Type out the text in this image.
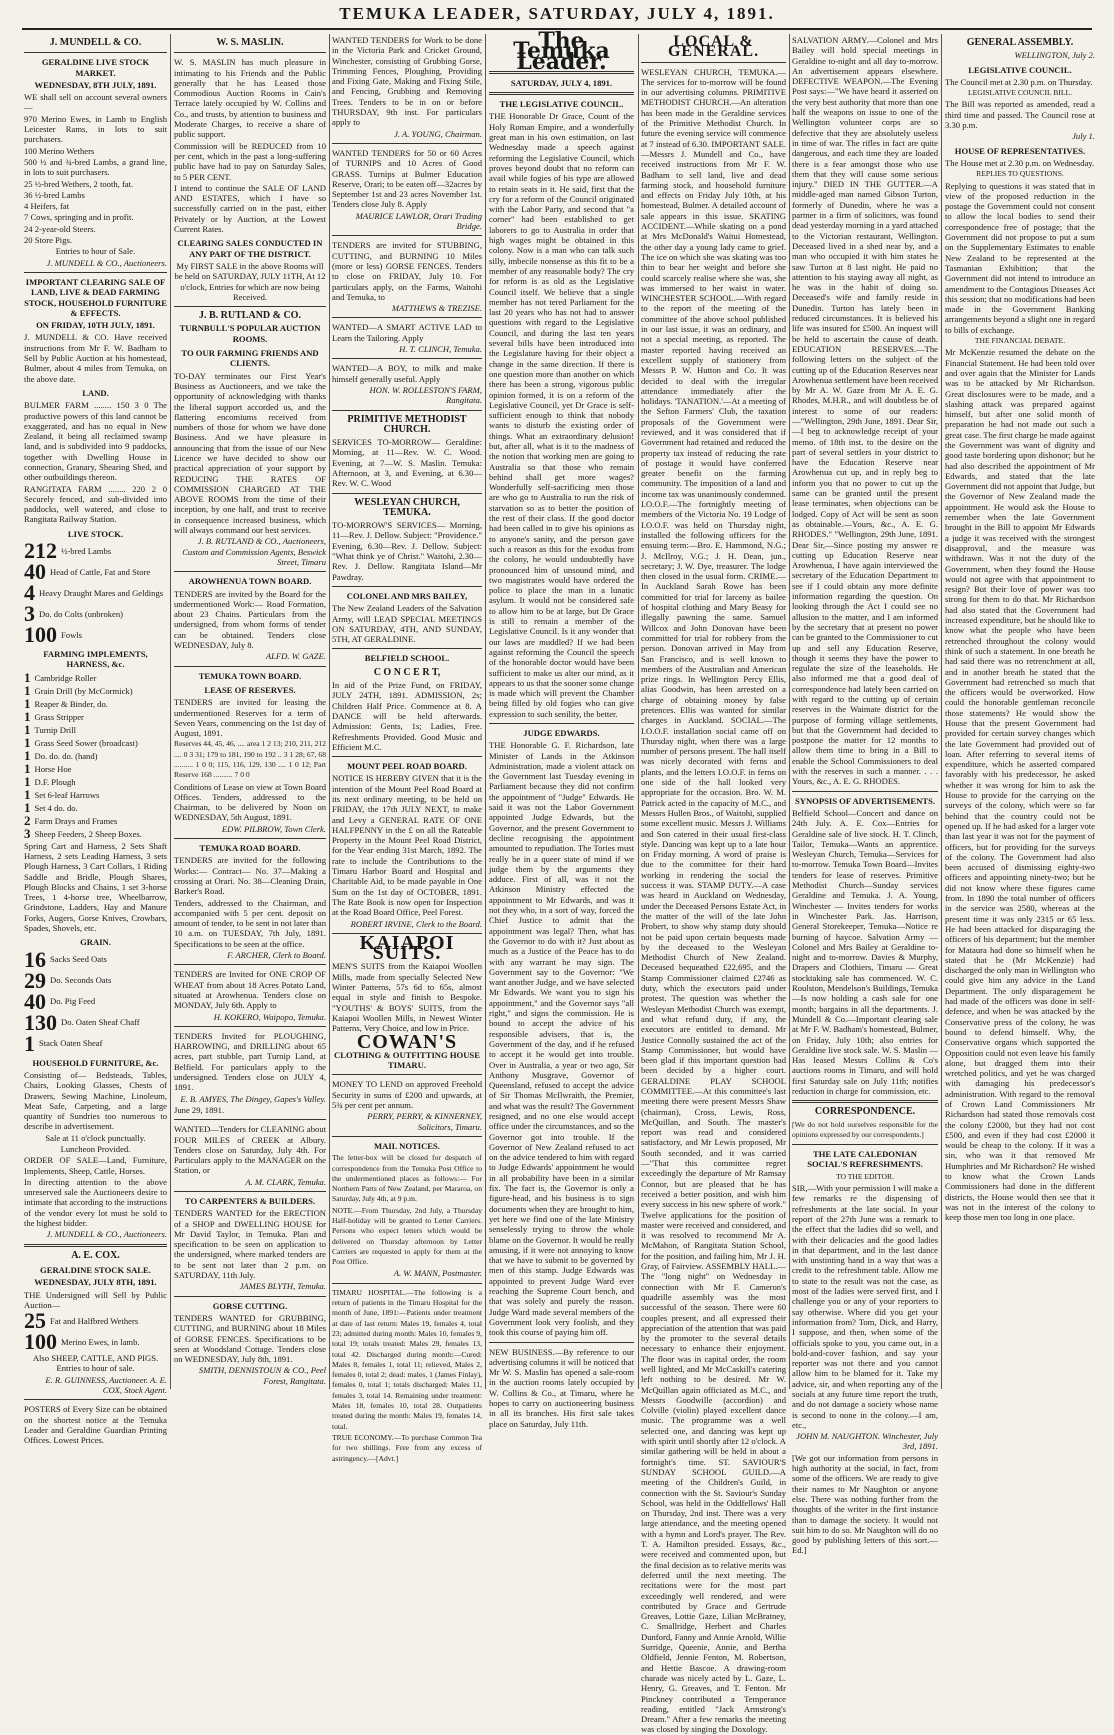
TEMUKA LEADER, SATURDAY, JULY 4, 1891.
J. MUNDELL & CO.
GERALDINE LIVE STOCK MARKET.
WEDNESDAY, 8TH JULY, 1891.
WE shall sell on account several owners—
970 Merino Ewes, in Lamb to English Leicester Rams, in lots to suit purchasers.
100 Merino Wethers
500 ½ and ¾-bred Lambs, a grand line, in lots to suit purchasers.
25 ½-bred Wethers, 2 tooth, fat.
36 ½-bred Lambs
4 Heifers, fat
7 Cows, springing and in profit.
24 2-year-old Steers.
20 Store Pigs.
Entries to hour of Sale.
J. MUNDELL & CO., Auctioneers.
IMPORTANT CLEARING SALE OF LAND, LIVE & DEAD FARMING STOCK, HOUSEHOLD FURNITURE & EFFECTS.
ON FRIDAY, 10TH JULY, 1891.
J. MUNDELL & CO. Have received instructions from Mr F. W. Badham to Sell by Public Auction at his homestead, Bulmer, about 4 miles from Temuka, on the above date.
LAND.
BULMER FARM ........ 150 3 0 The productive powers of this land cannot be exaggerated, and has no equal in New Zealand, it being all reclaimed swamp land, and is subdivided into 9 paddocks, together with Dwelling House in connection, Granary, Shearing Shed, and other outbuildings thereon.
RANGITATA FARM ........ 220 2 0 Securely fenced, and sub-divided into paddocks, well watered, and close to Rangitata Railway Station.
LIVE STOCK.
212 ½-bred Lambs
40 Head of Cattle, Fat and Store
4 Heavy Draught Mares and Geldings
3 Do. do Colts (unbroken)
100 Fowls
FARMING IMPLEMENTS, HARNESS, &c.
1 Cambridge Roller
1 Grain Drill (by McCormick)
1 Reaper & Binder, do.
1 Grass Stripper
1 Turnip Drill
1 Grass Seed Sower (broadcast)
1 Do. do. do. (hand)
1 Horse Hoe
1 D.F. Plough
1 Set 6-leaf Harrows
1 Set 4 do. do.
2 Farm Drays and Frames
3 Sheep Feeders, 2 Sheep Boxes.
Spring Cart and Harness, 2 Sets Shaft Harness, 2 sets Leading Harness, 3 sets Plough Harness, 3 Cart Collars, 1 Riding Saddle and Bridle, Plough Shares, Plough Blocks and Chains, 1 set 3-horse Trees, 1 4-horse tree, Wheelbarrow, Grindstone, Ladders, Hay and Manure Forks, Augers, Gorse Knives, Crowbars, Spades, Shovels, etc.
GRAIN.
16 Sacks Seed Oats
29 Do. Seconds Oats
40 Do. Pig Feed
130 Do. Oaten Sheaf Chaff
1 Stack Oaten Sheaf
HOUSEHOLD FURNITURE, &c.
Consisting of— Bedsteads, Tables, Chairs, Looking Glasses, Chests of Drawers, Sewing Machine, Linoleum, Meat Safe, Carpeting, and a large quantity of Sundries too numerous to describe in advertisement.
Sale at 11 o'clock punctually.
Luncheon Provided.
ORDER OF SALE—Land, Furniture, Implements, Sheep, Cattle, Horses.
In directing attention to the above unreserved sale the Auctioneers desire to intimate that according to the instructions of the vendor every lot must be sold to the highest bidder.
J. MUNDELL & CO., Auctioneers.
A. E. COX.
GERALDINE STOCK SALE.
WEDNESDAY, JULY 8TH, 1891.
THE Undersigned will Sell by Public Auction—
25 Fat and Halfbred Wethers
100 Merino Ewes, in lamb.
Also SHEEP, CATTLE, AND PIGS. Entries to hour of sale.
E. R. GUINNESS, Auctioneer. A. E. COX, Stock Agent.
POSTERS of Every Size can be obtained on the shortest notice at the Temuka Leader and Geraldine Guardian Printing Offices. Lowest Prices.
W. S. MASLIN.
W. S. MASLIN has much pleasure in intimating to his Friends and the Public generally that he has Leased those Commodious Auction Rooms in Cain's Terrace lately occupied by W. Collins and Co., and trusts, by attention to business and Moderate Charges, to receive a share of public support.
Commission will be REDUCED from 10 per cent, which in the past a long-suffering public have had to pay on Saturday Sales, to 5 PER CENT.
I intend to continue the SALE OF LAND AND ESTATES, which I have so successfully carried on in the past, either Privately or by Auction, at the Lowest Current Rates.
CLEARING SALES CONDUCTED IN ANY PART OF THE DISTRICT.
My FIRST SALE in the above Rooms will be held on SATURDAY, JULY 11TH, At 12 o'clock, Entries for which are now being Received.
J. B. RUTLAND & CO.
TURNBULL'S POPULAR AUCTION ROOMS.
TO OUR FARMING FRIENDS AND CLIENTS.
TO-DAY terminates our First Year's Business as Auctioneers, and we take the opportunity of acknowledging with thanks the liberal support accorded us, and the flattering encomiums received from numbers of those for whom we have done Business. And we have pleasure in announcing that from the issue of our New Licence we have decided to show our practical appreciation of your support by REDUCING THE RATES OF COMMISSION CHARGED AT THE ABOVE ROOMS from the time of their inception, by one half, and trust to receive in consequence increased business, which will always command our best services.
J. B. RUTLAND & CO., Auctioneers, Custom and Commission Agents, Beswick Street, Timaru
AROWHENUA TOWN BOARD.
TENDERS are invited by the Board for the undermentioned Work:— Road Formation, about 23 Chains. Particulars from the undersigned, from whom forms of tender can be obtained. Tenders close WEDNESDAY, July 8.
ALFD. W. GAZE.
TEMUKA TOWN BOARD.
LEASE OF RESERVES.
TENDERS are invited for leasing the undermentioned Reserves for a term of Seven Years, commencing on the 1st day of August, 1891.
Reserves 44, 45, 46, .... area 1 2 13; 210, 211, 212 .... 0 3 31; 179 to 181, 190 to 192 .. 3 1 28; 67, 68 .......... 1 0 0; 115, 116, 129, 130 .... 1 0 12; Part Reserve 168 .......... 7 0 0
Conditions of Lease on view at Town Board Offices. Tenders, addressed to the Chairman, to be delivered by Noon on WEDNESDAY, 5th August, 1891.
EDW. PILBROW, Town Clerk.
TEMUKA ROAD BOARD.
TENDERS are invited for the following Works:— Contract— No. 37—Making a crossing at Orari. No. 38—Cleaning Drain, Barker's Road.
Tenders, addressed to the Chairman, and accompanied with 5 per cent. deposit on amount of tender, to be sent in not later than 10 a.m. on TUESDAY, 7th July, 1891. Specifications to be seen at the office.
F. ARCHER, Clerk to Board.
TENDERS are Invited for ONE CROP OF WHEAT from about 18 Acres Potato Land, situated at Arowhenua. Tenders close on MONDAY, July 6th. Apply to
H. KOKERO, Waipopo, Temuka.
TENDERS Invited for PLOUGHING, HARROWING, and DRILLING about 65 acres, part stubble, part Turnip Land, at Belfield. For particulars apply to the undersigned. Tenders close on JULY 4, 1891.
E. B. AMYES, The Dingey, Gapes's Valley.
June 29, 1891.
WANTED—Tenders for CLEANING about FOUR MILES of CREEK at Albury. Tenders close on Saturday, July 4th. For Particulars apply to the MANAGER on the Station, or
A. M. CLARK, Temuka.
TO CARPENTERS & BUILDERS.
TENDERS WANTED for the ERECTION of a SHOP and DWELLING HOUSE for Mr David Taylor, in Temuka. Plan and specification to be seen on application to the undersigned, where marked tenders are to be sent not later than 2 p.m. on SATURDAY, 11th July.
JAMES BLYTH, Temuka.
GORSE CUTTING.
TENDERS WANTED for GRUBBING, CUTTING, and BURNING about 18 Miles of GORSE FENCES. Specifications to be seen at Woodsland Cottage. Tenders close on WEDNESDAY, July 8th, 1891.
SMITH, DENNISTOUN & CO., Peel Forest, Rangitata.
WANTED TENDERS for Work to be done in the Victoria Park and Cricket Ground, Winchester, consisting of Grubbing Gorse, Trimming Fences, Ploughing, Providing and Fixing Gate, Making and Fixing Stile, and Fencing, Grubbing and Removing Trees. Tenders to be in on or before THURSDAY, 9th inst. For particulars apply to
J. A. YOUNG, Chairman.
WANTED TENDERS for 50 or 60 Acres of TURNIPS and 10 Acres of Good GRASS. Turnips at Bulmer Education Reserve, Orari; to be eaten off—32acres by September 1st and 23 acres November 1st. Tenders close July 8. Apply
MAURICE LAWLOR, Orari Trading Bridge.
TENDERS are invited for STUBBING, CUTTING, and BURNING 10 Miles (more or less) GORSE FENCES. Tenders to close on FRIDAY, July 10. For particulars apply, on the Farms, Waitohi and Temuka, to
MATTHEWS & TREZISE.
WANTED—A SMART ACTIVE LAD to Learn the Tailoring. Apply
H. T. CLINCH, Temuka.
WANTED—A BOY, to milk and make himself generally useful. Apply
HON. W. ROLLESTON'S FARM, Rangitata.
PRIMITIVE METHODIST CHURCH.
SERVICES TO-MORROW— Geraldine: Morning, at 11—Rev. W. C. Wood. Evening, at 7—W. S. Maslin. Temuka: Afternoon, at 3, and Evening, at 6.30—Rev. W. C. Wood
WESLEYAN CHURCH, TEMUKA.
TO-MORROW'S SERVICES— Morning, 11—Rev. J. Dellow. Subject: "Providence." Evening, 6.30—Rev. J. Dellow. Subject: "What think ye of Christ." Waitohi, 2.30—Rev. J. Dellow. Rangitata Island—Mr Pawdray.
COLONEL AND MRS BAILEY,
The New Zealand Leaders of the Salvation Army, will LEAD SPECIAL MEETINGS ON SATURDAY, 4TH, AND SUNDAY, 5TH, AT GERALDINE.
BELFIELD SCHOOL.
C O N C E R T,
In aid of the Prize Fund, on FRIDAY, JULY 24TH, 1891. ADMISSION, 2s; Children Half Price. Commence at 8. A DANCE will be held afterwards. Admission: Gents, 1s; Ladies, Free. Refreshments Provided. Good Music and Efficient M.C.
MOUNT PEEL ROAD BOARD.
NOTICE IS HEREBY GIVEN that it is the intention of the Mount Peel Road Board at its next ordinary meeting, to be held on FRIDAY, the 17th JULY NEXT, to make and Levy a GENERAL RATE OF ONE HALFPENNY in the £ on all the Rateable Property in the Mount Peel Road District, for the Year ending 31st March, 1892. The rate to include the Contributions to the Timaru Harbor Board and Hospital and Charitable Aid, to be made payable in One Sum on the 1st day of OCTOBER, 1891. The Rate Book is now open for Inspection at the Road Board Office, Peel Forest.
ROBERT IRVINE, Clerk to the Board.
KAIAPOI SUITS.
MEN'S SUITS from the Kaiapoi Woollen Mills, made from specially Selected New Winter Patterns, 57s 6d to 65s, almost equal in style and finish to Bespoke. "YOUTHS' & BOYS' SUITS, from the Kaiapoi Woollen Mills, in Newest Winter Patterns, Very Choice, and low in Price.
COWAN'S
CLOTHING & OUTFITTING HOUSE TIMARU.
MONEY TO LEND on approved Freehold Security in sums of £200 and upwards, at 5¾ per cent per annum.
PERRY, PERRY, & KINNERNEY, Solicitors, Timaru.
MAIL NOTICES.
The letter-box will be closed for despatch of correspondence from the Temuka Post Office to the undermentioned places as follows:— For Northern Parts of New Zealand, per Mararoa, on Saturday, July 4th, at 9 p.m.
NOTE.—From Thursday, 2nd July, a Thursday Half-holiday will be granted to Letter Carriers. Persons who expect letters which would be delivered on Thursday afternoon by Letter Carriers are requested to apply for them at the Post Office.
A. W. MANN, Postmaster.
TIMARU HOSPITAL.—The following is a return of patients in the Timaru Hospital for the month of June, 1891:—Patients under treatment at date of last return: Males 19, females 4, total 23; admitted during month: Males 10, females 9, total 19; totals treated: Males 29, females 13, total 42. Discharged during month:—Cured: Males 8, females 1, total 11; relieved, Males 2, females 0, total 2; dead: males, 1 (James Finlay), females 0, total 1; totals discharged: Males 11, females 3, total 14. Remaining under treatment: Males 18, females 10, total 28. Outpatients treated during the month: Males 19, females 14, total.
TRUE ECONOMY.—To purchase Common Tea for two shillings. Free from any excess of astringency.—[Advt.]
The Temuka Leader.
SATURDAY, JULY 4, 1891.
THE LEGISLATIVE COUNCIL.
THE Honorable Dr Grace, Count of the Holy Roman Empire, and a wonderfully great man in his own estimation, on last Wednesday made a speech against reforming the Legislative Council, which proves beyond doubt that no reform can avail while fogies of his type are allowed to retain seats in it. He said, first that the cry for a reform of the Council originated with the Labor Party, and second that "a corner" had been established to get laborers to go to Australia in order that high wages might be obtained in this colony. Now is a man who can talk such silly, imbecile nonsense as this fit to be a member of any reasonable body? The cry for reform is as old as the Legislative Council itself. We believe that a single member has not tered Parliament for the last 20 years who has not had to answer questions with regard to the Legislative Council, and during the last ten years several bills have been introduced into the Legislature having for their object a change in the same direction. If there is one question more than another on which there has been a strong, vigorous public opinion formed, it is on a reform of the Legislative Council, yet Dr Grace is self-sufficient enough to think that nobody wants to disturb the existing order of things. What an extraordinary delusion! but, after all, what is it to the madness of the notion that working men are going to Australia so that those who remain behind shall get more wages? Wonderfully self-sacrificing men those are who go to Australia to run the risk of starvation so as to better the position of the rest of their class. If the good doctor had been called in to give his opinions as to anyone's sanity, and the person gave such a reason as this for the exodus from the colony, he would undoubtedly have pronounced him of unsound mind, and two magistrates would have ordered the police to place the man in a lunatic asylum. It would not be considered safe to allow him to be at large, but Dr Grace is still to remain a member of the Legislative Council. Is it any wonder that our laws are muddled? If we had been against reforming the Council the speech of the honorable doctor would have been sufficient to make us alter our mind, as it appears to us that the sooner some change is made which will prevent the Chamber being filled by old fogies who can give expression to such senility, the better.
JUDGE EDWARDS.
THE Honorable G. F. Richardson, late Minister of Lands in the Atkinson Administration, made a violent attack on the Government last Tuesday evening in Parliament because they did not confirm the appointment of "Judge" Edwards. He said it was not the Labor Government appointed Judge Edwards, but the Governor, and the present Government to decline recognising the appointment amounted to repudiation. The Tories must really be in a queer state of mind if we judge them by the arguments they adduce. First of all, was it not the Atkinson Ministry effected the appointment to Mr Edwards, and was it not they who, in a sort of way, forced the Chief Justice to admit that the appointment was legal? Then, what has the Governor to do with it? Just about as much as a Justice of the Peace has to do with any warrant he may sign. The Government say to the Governor: "We want another Judge, and we have selected Mr Edwards. We want you to sign his appointment," and the Governor says "all right," and signs the commission. He is bound to accept the advice of his responsible advisers, that is, the Government of the day, and if he refused to accept it he would get into trouble. Over in Australia, a year or two ago, Sir Anthony Musgrave, Governor of Queensland, refused to accept the advice of Sir Thomas McIlwraith, the Premier, and what was the result? The Government resigned, and no one else would accept office under the circumstances, and so the Governor got into trouble. If the Governor of New Zealand refused to act on the advice tendered to him with regard to Judge Edwards' appointment he would in all probability have been in a similar fix. The fact is, the Governor is only a figure-head, and his business is to sign documents when they are brought to him, yet here we find one of the late Ministry senselessly trying to throw the whole blame on the Governor. It would be really amusing, if it were not annoying to know that we have to submit to be governed by men of this stamp. Judge Edwards was appointed to prevent Judge Ward ever reaching the Supreme Court bench, and that was solely and purely the reason. Judge Ward made several members of the Government look very foolish, and they took this course of paying him off.
NEW BUSINESS.—By reference to our advertising columns it will be noticed that Mr W. S. Maslin has opened a sale-room in the auction rooms lately occupied by W. Collins & Co., at Timaru, where he hopes to carry on auctioneering business in all its branches. His first sale takes place on Saturday, July 11th.
LOCAL & GENERAL.
WESLEYAN CHURCH, TEMUKA.—The services for to-morrow will be found in our advertising columns. PRIMITIVE METHODIST CHURCH.—An alteration has been made in the Geraldine services of the Primitive Methodist Church. In future the evening service will commence at 7 instead of 6.30. IMPORTANT SALE.—Messrs J. Mundell and Co., have received instructions from Mr F. W. Badham to sell land, live and dead farming stock, and household furniture and effects on Friday July 10th, at his homestead, Bulmer. A detailed account of sale appears in this issue. SKATING ACCIDENT.—While skating on a pond at Mrs McDonald's Waitui Homestead, the other day a young lady came to grief. The ice on which she was skating was too thin to bear her weight and before she could scarcely realise where she was, she was immersed to her waist in water. WINCHESTER SCHOOL.—With regard to the report of the meeting of the committee of the above school published in our last issue, it was an ordinary, and not a special meeting, as reported. The master reported having received an excellent supply of stationery from Messrs P. W. Hutton and Co. It was decided to deal with the irregular attendance immediately after the holidays. 'TANATION.'—At a meeting of the Sefton Farmers' Club, the taxation proposals of the Government were reviewed, and it was considered that if Government had retained and reduced the property tax instead of reducing the rate of postage it would have conferred greater benefit on the farming community. The imposition of a land and income tax was unanimously condemned. I.O.O.F.—The fortnightly meeting of members of the Victoria No. 19 Lodge of I.O.O.F. was held on Thursday night, installed the following officers for the ensuing term:—Bro. E. Hammond, N.G.; J. McIlroy, V.G.; J. H. Dean, jun., secretary; J. W. Dye, treasurer. The lodge then closed in the usual form. CRIME.—In Auckland Sarah Rowe has been committed for trial for larceny as bailee of hospital clothing and Mary Beasy for illegally pawning the same. Samuel Willcox and John Donovan have been committed for trial for robbery from the person. Donovan arrived in May from San Francisco, and is well known to members of the Australian and American prize rings. In Wellington Percy Ellis, alias Goodwin, has been arrested on a charge of obtaining money by false pretences. Ellis was wanted for similar charges in Auckland. SOCIAL.—The I.O.O.F. installation social came off on Thursday night, when there was a large number of persons present. The hall itself was nicely decorated with ferns and plants, and the letters I.O.O.F. in ferns on one side of the hall looked very appropriate for the occasion. Bro. W. M. Patrick acted in the capacity of M.C., and Messrs Hullen Bros., of Waitohi, supplied some excellent music. Messrs J. Williams and Son catered in their usual first-class style. Dancing was kept up to a late hour on Friday morning. A word of praise is due to the committee for their hard working in rendering the social the success it was. STAMP DUTY.—A case was heard in Auckland on Wednesday, under the Deceased Persons Estate Act, in the matter of the will of the late John Probert, to show why stamp duty should not be paid upon certain bequests made by the deceased to the Wesleyan Methodist Church of New Zealand. Deceased bequeathed £22,695, and the Stamp Commissioner claimed £2746 as duty, which the executors paid under protest. The question was whether the Wesleyan Methodist Church was exempt, and what refund duty, if any, the executors are entitled to demand. Mr Justice Connolly sustained the act of the Stamp Commissioner, but would have been glad if this important question had been decided by a higher court. GERALDINE PLAY SCHOOL COMMITTEE.—At this committee's last meeting there were present Messrs Shaw (chairman), Cross, Lewis, Ross, McQuillan, and South. The master's report was read and considered satisfactory, and Mr Lewis proposed, Mr South seconded, and it was carried—"That this committee regret exceedingly the departure of Mr Ramsay Connor, but are pleased that he has received a better position, and wish him every success in his new sphere of work." Twelve applications for the position of master were received and considered, and it was resolved to recommend Mr A. McMahon, of Rangitata Station School, for the position, and failing him, Mr J. H. Gray, of Fairview. ASSEMBLY HALL.—The "long night" on Wednesday in connection with Mr F. Cameron's quadrille assembly was the most successful of the season. There were 60 couples present, and all expressed their appreciation of the attention that was paid by the promoter to the several details necessary to enhance their enjoyment. The floor was in capital order, the room well lighted, and Mr McCaskill's catering left nothing to be desired. Mr W. McQuillan again officiated as M.C., and Messrs Goodwille (accordion) and Colville (violin) played excellent dance music. The programme was a well selected one, and dancing was kept up with spirit until shortly after 12 o'clock. A similar gathering will be held in about a fortnight's time. ST. SAVIOUR'S SUNDAY SCHOOL GUILD.—A meeting of the Children's Guild, in connection with the St. Saviour's Sunday School, was held in the Oddfellows' Hall on Thursday, 2nd inst. There was a very large attendance, and the meeting opened with a hymn and Lord's prayer. The Rev. T. A. Hamilton presided. Essays, &c., were received and commented upon, but the final decision as to relative merits was deferred until the next meeting. The recitations were for the most part exceedingly well rendered, and were contributed by Grace and Gertrude Greaves, Lottie Gaze, Lilian McBratney, C. Smallridge, Herbert and Charles Dunford, Fanny and Annie Arnold, Willie Surridge, Queenie, Annie, and Bertha Oldfield, Jennie Fenton, M. Robertson, and Hettie Bascoe. A drawing-room charade was nicely acted by L. Gaze, L. Henry, G. Greaves, and T. Fenton. Mr Pinckney contributed a Temperance reading, entitled "Jack Armstrong's Dream." After a few remarks the meeting was closed by singing the Doxology.
SALVATION ARMY.—Colonel and Mrs Bailey will hold special meetings in Geraldine to-night and all day to-morrow. An advertisement appears elsewhere. DEFECTIVE WEAPON.—The Evening Post says:—"We have heard it asserted on the very best authority that more than one half the weapons on issue to one of the Wellington volunteer corps are so defective that they are absolutely useless in time of war. The rifles in fact are quite dangerous, and each time they are loaded there is a fear amongst those who use them that they will cause some serious injury." DIED IN THE GUTTER.—A middle-aged man named Gibson Turton, formerly of Dunedin, where he was a partner in a firm of solicitors, was found dead yesterday morning in a yard attached to the Victorian restaurant, Wellington. Deceased lived in a shed near by, and a man who occupied it with him states he saw Turton at 8 last night. He paid no attention to his staying away all night, as he was in the habit of doing so. Deceased's wife and family reside in Dunedin. Turton has lately been in reduced circumstances. It is believed his life was insured for £500. An inquest will be held to ascertain the cause of death. EDUCATION RESERVES.—The following letters on the subject of the cutting up of the Education Reserves near Arowhenua settlement have been received by Mr A. W. Gaze from Mr A. E. G. Rhodes, M.H.R., and will doubtless be of interest to some of our readers:—"Wellington, 29th June, 1891. Dear Sir,—I beg to acknowledge receipt of your memo. of 18th inst. to the desire on the part of several settlers in your district to have the Education Reserve near Arowhenua cut up, and in reply beg to inform you that no power to cut up the same can be granted until the present lease terminates, when objections can be lodged. Copy of Act will be sent as soon as obtainable.—Yours, &c., A. E. G. RHODES." "Wellington, 29th June, 1891. Dear Sir,—Since posting my answer re cutting up Education Reserve near Arowhenua, I have again interviewed the secretary of the Education Department to see if I could obtain any more definite information regarding the question. On looking through the Act I could see no allusion to the matter, and I am informed by the secretary that at present no power can be granted to the Commissioner to cut up and sell any Education Reserve, though it seems they have the power to regulate the size of the leaseholds. He also informed me that a good deal of correspondence had lately been carried on with regard to the cutting up of certain reserves in the Waimate district for the purpose of forming village settlements, but that the Government had decided to postpone the matter for 12 months to allow them time to bring in a Bill to enable the School Commissioners to deal with the reserves in such a manner. . . . Yours, &c., A. E. G. RHODES.
SYNOPSIS OF ADVERTISEMENTS.
Belfield School—Concert and dance on 24th July. A. E. Cox—Entries for Geraldine sale of live stock. H. T. Clinch, Tailor, Temuka—Wants an apprentice. Wesleyan Church, Temuka—Services for to-morrow. Temuka Town Board—Invites tenders for lease of reserves. Primitive Methodist Church—Sunday services Geraldine and Temuka. J. A. Young, Winchester — Invites tenders for works in Winchester Park. Jas. Harrison, General Storekeeper, Temuka—Notice re burning of haycoe. Salvation Army — Colonel and Mrs Bailey at Geraldine to-night and to-morrow. Davies & Murphy, Drapers and Clothiers, Timaru — Great stocktaking sale has commenced. W. C. Roulston, Mendelson's Buildings, Temuka—Is now holding a cash sale for one month; bargains in all the departments. J. Mundell & Co.—Important clearing sale at Mr F. W. Badham's homestead, Bulmer, on Friday, July 10th; also entries for Geraldine live stock sale. W. S. Maslin — Has leased Messrs Collins & Co's auctions rooms in Timaru, and will hold first Saturday sale on July 11th; notifies reduction in charge for commission, etc.
CORRESPONDENCE.
[We do not hold ourselves responsible for the opinions expressed by our correspondents.]
THE LATE CALEDONIAN SOCIAL'S REFRESHMENTS.
TO THE EDITOR.
SIR,—With your permission I will make a few remarks re the dispensing of refreshments at the late social. In your report of the 27th June was a remark to the effect that the ladies did so well, and with their delicacies and the good ladies in that department, and in the last dance with unstinting hand in a way that was a credit to the refreshment table. Allow me to state to the result was not the case, as most of the ladies were served first, and I challenge you or any of your reporters to say otherwise. Where did you get your information from? Tom, Dick, and Harry, I suppose, and then, when some of the officials spoke to you, you came out, in a bold-and-cover fashion, and say your reporter was not there and you cannot allow him to be blamed for it. Take my advice, sir, and when reporting any of the socials at any future time report the truth, and do not damage a society whose name is second to none in the colony.—I am, etc.,
JOHN M. NAUGHTON. Winchester, July 3rd, 1891.
[We got our information from persons in high authority at the social, in fact, from some of the officers. We are ready to give their names to Mr Naughton or anyone else. There was nothing further from the thoughts of the writer in the first instance than to damage the society. It would not suit him to do so. Mr Naughton will do no good by publishing letters of this sort.—Ed.]
GENERAL ASSEMBLY.
WELLINGTON, July 2.
LEGISLATIVE COUNCIL.
The Council met at 2.30 p.m. on Thursday.
LEGISLATIVE COUNCIL BILL.
The Bill was reported as amended, read a third time and passed. The Council rose at 3.30 p.m.
July 1.
HOUSE OF REPRESENTATIVES.
The House met at 2.30 p.m. on Wednesday.
REPLIES TO QUESTIONS.
Replying to questions it was stated that in view of the proposed reduction in the postage the Government could not consent to allow the local bodies to send their correspondence free of postage; that the Government did not propose to put a sum on the Supplementary Estimates to enable New Zealand to be represented at the Tasmanian Exhibition; that the Government did not intend to introduce an amendment to the Contagious Diseases Act this session; that no modifications had been made in the Government Banking arrangements beyond a slight one in regard to bills of exchange.
THE FINANCIAL DEBATE.
Mr McKenzie resumed the debate on the Financial Statement. He had been told over and over again that the Minister for Lands was to be attacked by Mr Richardson. Great disclosures were to be made, and a slashing attack was prepared against himself, but after one solid month of preparation he had not made out such a great case. The first charge he made against the Government was want of dignity and good taste bordering upon dishonor; but he had also described the appointment of Mr Edwards, and stated that the late Government did not appoint that Judge, but the Governor of New Zealand made the appointment. He would ask the House to remember when the late Government brought in the Bill to appoint Mr Edwards a judge it was received with the strongest disapproval, and the measure was withdrawn. Was it not the duty of the Government, when they found the House would not agree with that appointment to resign? But their love of power was too strong for them to do that. Mr Richardson had also stated that the Government had increased expenditure, but he should like to know what the people who have been retrenched throughout the colony would think of such a statement. In one breath he had said there was no retrenchment at all, and in another breath he stated that the Government had retrenched so much that the officers would be overworked. How could the honorable gentleman reconcile those statements? He would show the House that the present Government had provided for certain survey changes which the late Government had provided out of loan. After referring to several items of expenditure, which he asserted compared favorably with his predecessor, he asked whether it was wrong for him to ask the House to provide for the carrying on the surveys of the colony, which were so far behind that the country could not be opened up. If he had asked for a larger vote than last year it was not for the payment of officers, but for providing for the surveys of the colony. The Government had also been accused of dismissing eighty-two officers and appointing ninety-two; but he did not know where these figures came from. In 1890 the total number of officers in the service was 2580, whereas at the present time it was only 2315 or 65 less. He had been attacked for disparaging the officers of his department; but the member for Mataura had done so himself when he stated that he (Mr McKenzie) had discharged the only man in Wellington who could give him any advice in the Land Department. The only disparagement he had made of the officers was done in self-defence, and when he was attacked by the Conservative press of the colony, he was bound to defend himself. Why, the Conservative organs which supported the Opposition could not even leave his family alone, but dragged them into their wretched politics, and yet he was charged with damaging his predecessor's administration. With regard to the removal of Crown Land Commissioners Mr Richardson had stated those removals cost the colony £2000, but they had not cost £500, and even if they had cost £2000 it would be cheap to the colony. If it was a sin, who was it that removed Mr Humphries and Mr Richardson? He wished to know what the Crown Lands Commissioners had done in the different districts, the House would then see that it was not in the interest of the colony to keep those men too long in one place.
